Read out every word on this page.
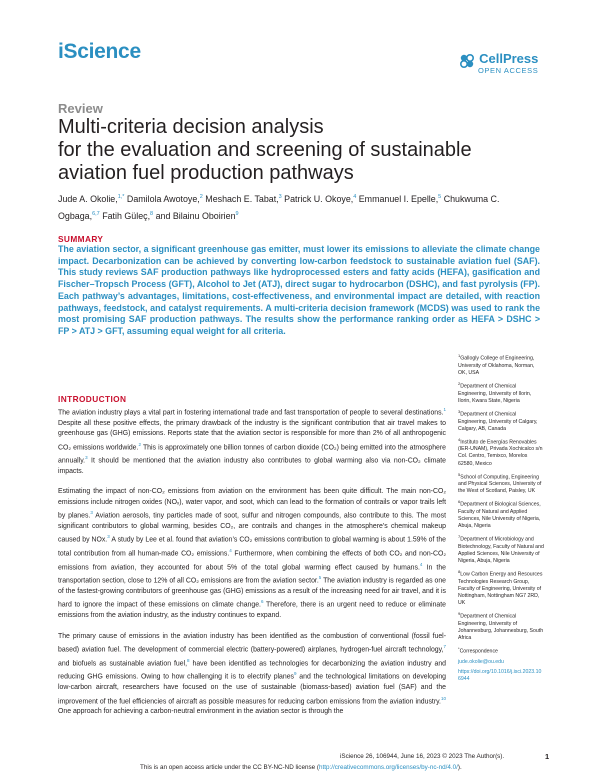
iScience	CellPress
OPEN ACCESS
Review
Multi-criteria decision analysis
for the evaluation and screening of sustainable
aviation fuel production pathways
Jude A. Okolie,$^{1,*}$ Damilola Awotoye,$^2$ Meshach E. Tabat,$^3$ Patrick U. Okoye,$^4$ Emmanuel I. Epelle,$^5$ Chukwuma C. Ogbaga,$^{6,7}$ Fatih Güleç,$^8$ and Bilainu Oboirien$^9$
SUMMARY
The aviation sector, a significant greenhouse gas emitter, must lower its emissions to alleviate the climate change impact. Decarbonization can be achieved by converting low-carbon feedstock to sustainable aviation fuel (SAF). This study reviews SAF production pathways like hydroprocessed esters and fatty acids (HEFA), gasification and Fischer–Tropsch Process (GFT), Alcohol to Jet (ATJ), direct sugar to hydrocarbon (DSHC), and fast pyrolysis (FP). Each pathway’s advantages, limitations, cost-effectiveness, and environmental impact are detailed, with reaction pathways, feedstock, and catalyst requirements. A multi-criteria decision framework (MCDS) was used to rank the most promising SAF production pathways. The results show the performance ranking order as HEFA > DSHC > FP > ATJ > GFT, assuming equal weight for all criteria.
INTRODUCTION

The aviation industry plays a vital part in fostering international trade and fast transportation of people to several destinations.$^1$ Despite all these positive effects, the primary drawback of the industry is the significant contribution that air travel makes to greenhouse gas (GHG) emissions. Reports state that the aviation sector is responsible for more than 2% of all anthropogenic CO₂ emissions worldwide.$^2$ This is approximately one billion tonnes of carbon dioxide (CO₂) being emitted into the atmosphere annually.$^3$ It should be mentioned that the aviation industry also contributes to global warming also via non-CO₂ climate impacts.

Estimating the impact of non-CO₂ emissions from aviation on the environment has been quite difficult. The main non-CO₂ emissions include nitrogen oxides (NOₓ), water vapor, and soot, which can lead to the formation of contrails or vapor trails left by planes.$^3$ Aviation aerosols, tiny particles made of soot, sulfur and nitrogen compounds, also contribute to this. The most significant contributors to global warming, besides CO₂, are contrails and changes in the atmosphere’s chemical makeup caused by NOx.$^3$ A study by Lee et al. found that aviation’s CO₂ emissions contribution to global warming is about 1.59% of the total contribution from all human-made CO₂ emissions.$^4$ Furthermore, when combining the effects of both CO₂ and non-CO₂ emissions from aviation, they accounted for about 5% of the total global warming effect caused by humans.$^4$ In the transportation section, close to 12% of all CO₂ emissions are from the aviation sector.$^5$ The aviation industry is regarded as one of the fastest-growing contributors of greenhouse gas (GHG) emissions as a result of the increasing need for air travel, and it is hard to ignore the impact of these emissions on climate change.$^6$ Therefore, there is an urgent need to reduce or eliminate emissions from the aviation industry, as the industry continues to expand.

The primary cause of emissions in the aviation industry has been identified as the combustion of conventional (fossil fuel-based) aviation fuel. The development of commercial electric (battery-powered) airplanes, hydrogen-fuel aircraft technology,$^7$ and biofuels as sustainable aviation fuel,$^8$ have been identified as technologies for decarbonizing the aviation industry and reducing GHG emissions. Owing to how challenging it is to electrify planes$^9$ and the technological limitations on developing low-carbon aircraft, researchers have focused on the use of sustainable (biomass-based) aviation fuel (SAF) and the improvement of the fuel efficiencies of aircraft as possible measures for reducing carbon emissions from the aviation industry.$^{10}$ One approach for achieving a carbon-neutral environment in the aviation sector is through the

$^1$Gallogly College of Engineering, University of Oklahoma, Norman, OK, USA
$^2$Department of Chemical Engineering, University of Ilorin, Ilorin, Kwara State, Nigeria
$^3$Department of Chemical Engineering, University of Calgary, Calgary, AB, Canada
$^4$Instituto de Energías Renovables (IER-UNAM), Privada Xochicalco s/n Col. Centro, Temixco, Morelos 62580, Mexico
$^5$School of Computing, Engineering and Physical Sciences, University of the West of Scotland, Paisley, UK
$^6$Department of Biological Sciences, Faculty of Natural and Applied Sciences, Nile University of Nigeria, Abuja, Nigeria
$^7$Department of Microbiology and Biotechnology, Faculty of Natural and Applied Sciences, Nile University of Nigeria, Abuja, Nigeria
$^8$Low Carbon Energy and Resources Technologies Research Group, Faculty of Engineering, University of Nottingham, Nottingham NG7 2RD, UK
$^9$Department of Chemical Engineering, University of Johannesburg, Johannesburg, South Africa
*Correspondence
jude.okolie@ou.edu
https://doi.org/10.1016/j.isci.2023.106944
iScience 26, 106944, June 16, 2023 © 2023 The Author(s).	1
This is an open access article under the CC BY-NC-ND license (http://creativecommons.org/licenses/by-nc-nd/4.0/).
